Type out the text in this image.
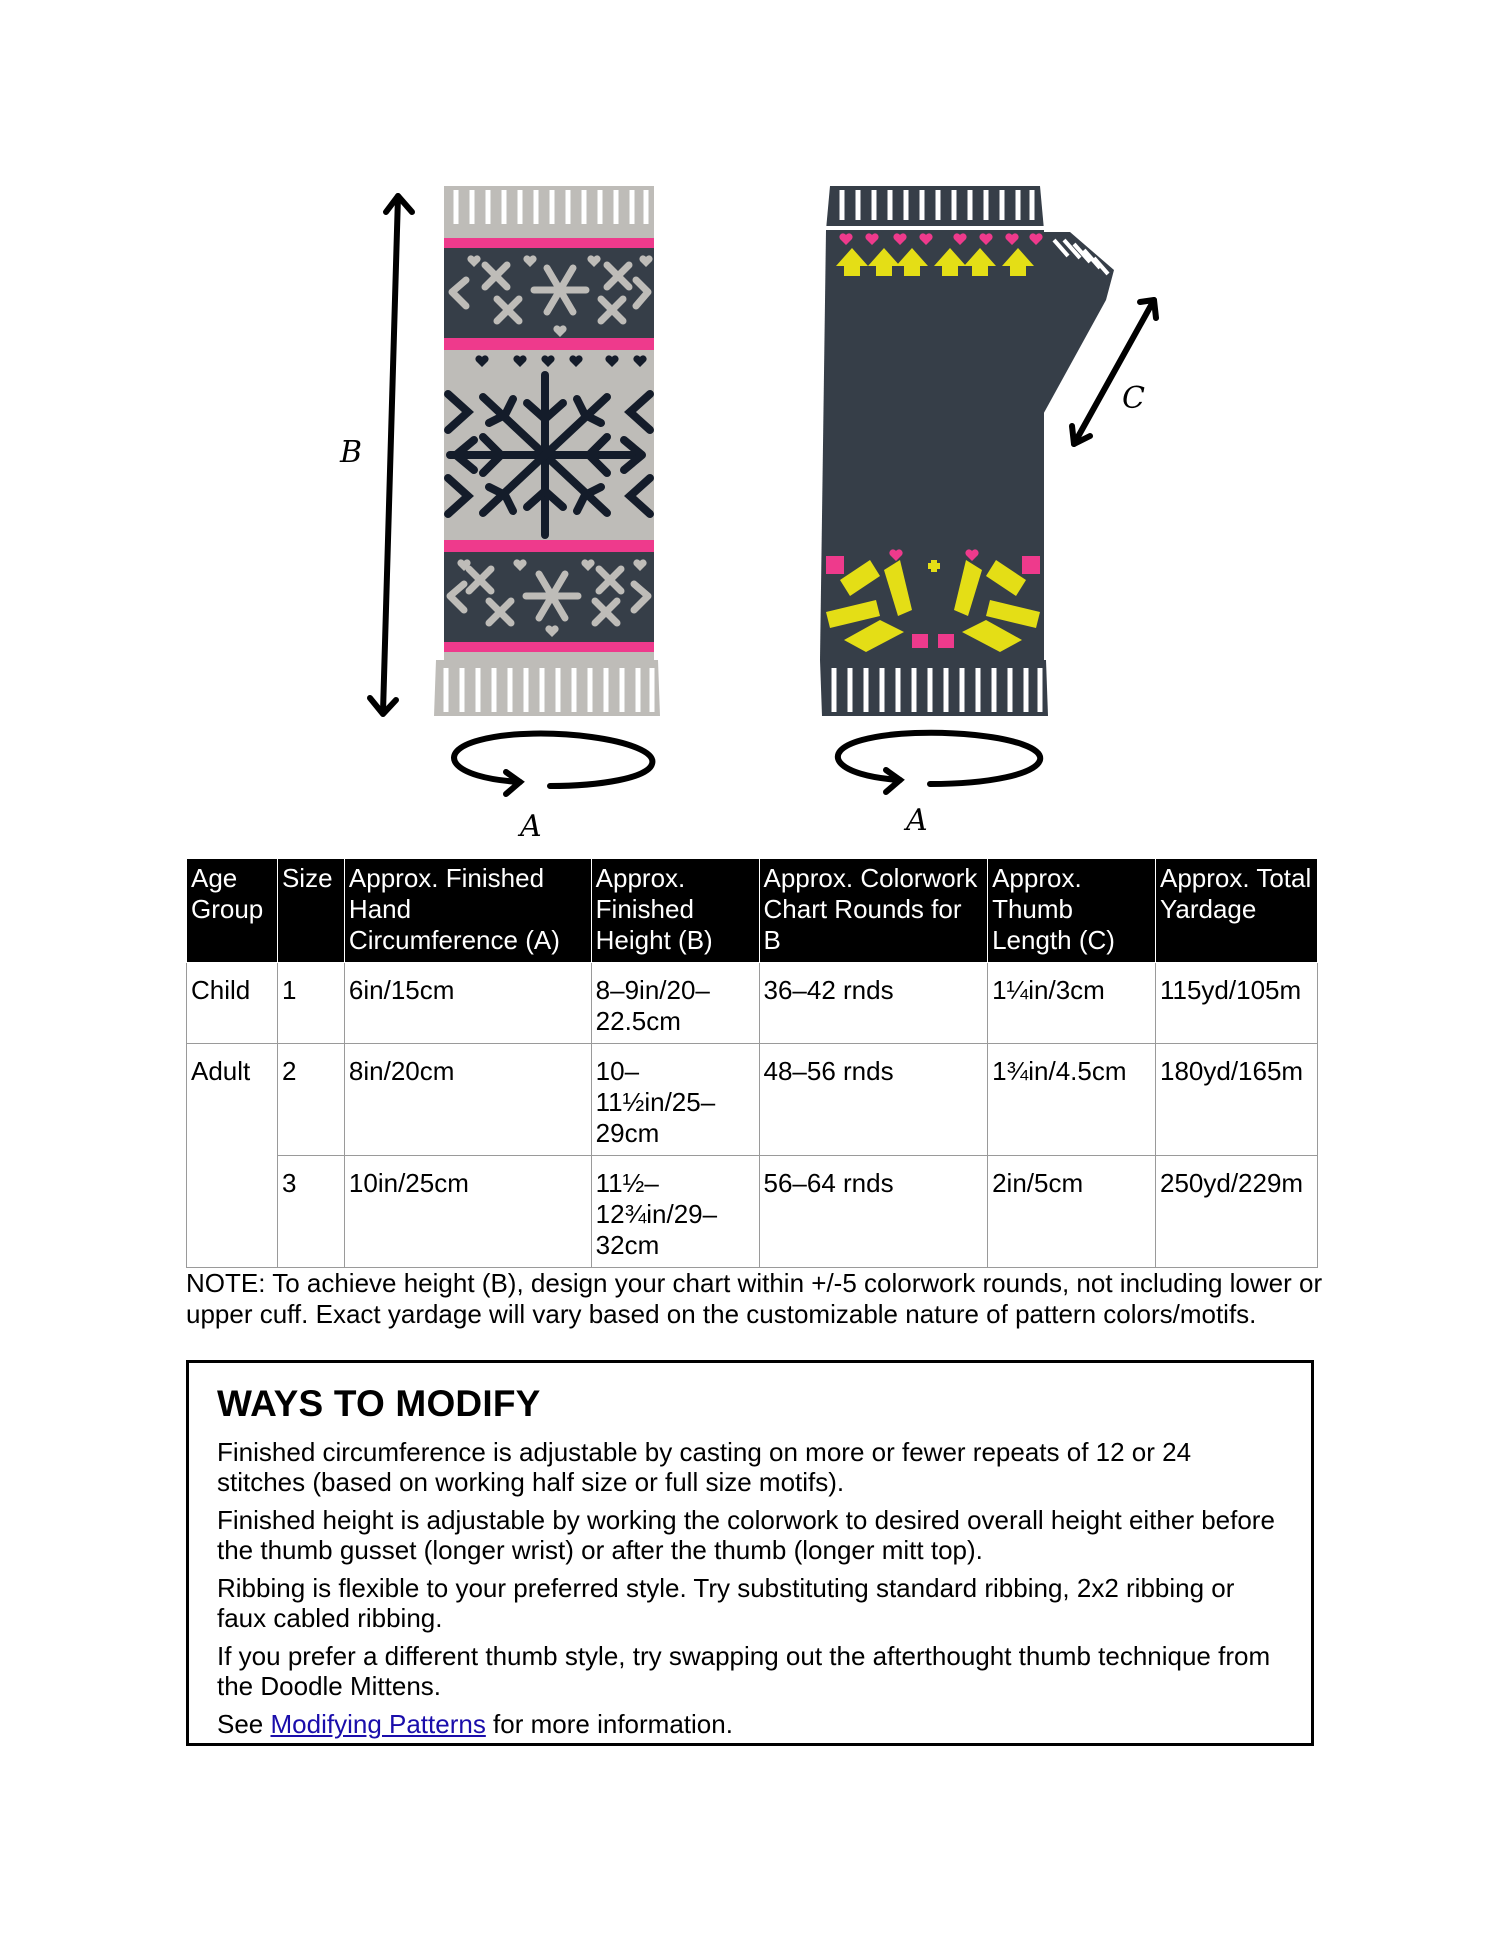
B
A
C
A
Age Group	Size	Approx. Finished Hand Circumference (A)	Approx. Finished Height (B)	Approx. Colorwork Chart Rounds for B	Approx. Thumb Length (C)	Approx. Total Yardage
Child	1	6in/15cm	8–9in/20–22.5cm	36–42 rnds	1¼in/3cm	115yd/105m
Adult	2	8in/20cm	10–11½in/25–29cm	48–56 rnds	1¾in/4.5cm	180yd/165m
	3	10in/25cm	11½–12¾in/29–32cm	56–64 rnds	2in/5cm	250yd/229m

NOTE: To achieve height (B), design your chart within +/-5 colorwork rounds, not including lower or upper cuff. Exact yardage will vary based on the customizable nature of pattern colors/motifs.

WAYS TO MODIFY

Finished circumference is adjustable by casting on more or fewer repeats of 12 or 24 stitches (based on working half size or full size motifs).

Finished height is adjustable by working the colorwork to desired overall height either before the thumb gusset (longer wrist) or after the thumb (longer mitt top).

Ribbing is flexible to your preferred style. Try substituting standard ribbing, 2x2 ribbing or faux cabled ribbing.

If you prefer a different thumb style, try swapping out the afterthought thumb technique from the Doodle Mittens.

See Modifying Patterns for more information.
